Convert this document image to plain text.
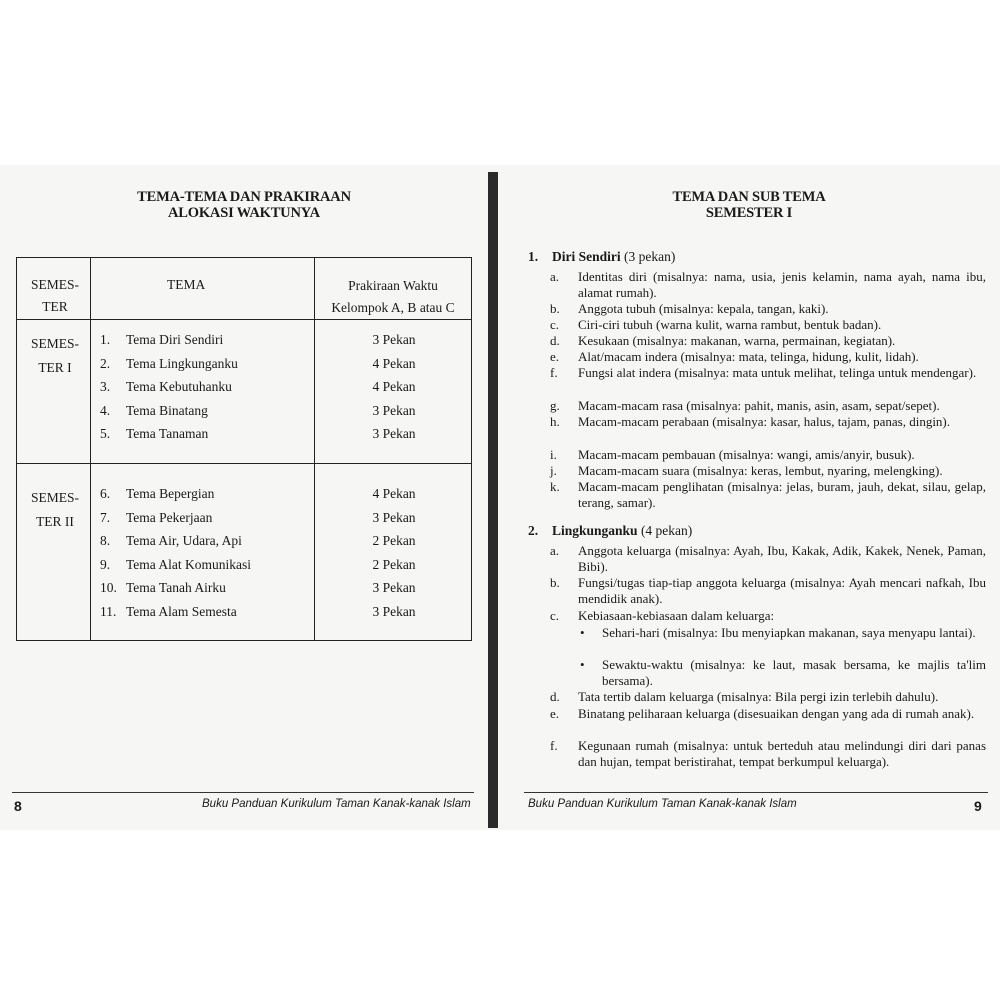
TEMA-TEMA DAN PRAKIRAAN
ALOKASI WAKTUNYA
SEMES-
TER
TEMA	Prakiraan Waktu
Kelompok A, B atau C
SEMES-
TER I
1.	Tema Diri Sendiri	3 Pekan
2.	Tema Lingkunganku	4 Pekan
3.	Tema Kebutuhanku	4 Pekan
4.	Tema Binatang	3 Pekan
5.	Tema Tanaman	3 Pekan
SEMES-
TER II
6.	Tema Bepergian	4 Pekan
7.	Tema Pekerjaan	3 Pekan
8.	Tema Air, Udara, Api	2 Pekan
9.	Tema Alat Komunikasi	2 Pekan
10. Tema Tanah Airku	3 Pekan
11. Tema Alam Semesta	3 Pekan
8	Buku Panduan Kurikulum Taman Kanak-kanak Islam
TEMA DAN SUB TEMA
SEMESTER I
1. Diri Sendiri (3 pekan)
a.	Identitas diri (misalnya: nama, usia, jenis kelamin, nama ayah, nama ibu, alamat rumah).
b.	Anggota tubuh (misalnya: kepala, tangan, kaki).
c.	Ciri-ciri tubuh (warna kulit, warna rambut, bentuk badan).
d.	Kesukaan (misalnya: makanan, warna, permainan, kegiatan).
e.	Alat/macam indera (misalnya: mata, telinga, hidung, kulit, lidah).
f.	Fungsi alat indera (misalnya: mata untuk melihat, telinga untuk mendengar).
g.	Macam-macam rasa (misalnya: pahit, manis, asin, asam, sepat/sepet).
h.	Macam-macam perabaan (misalnya: kasar, halus, tajam, panas, dingin).
i.	Macam-macam pembauan (misalnya: wangi, amis/anyir, busuk).
j.	Macam-macam suara (misalnya: keras, lembut, nyaring, melengking).
k.	Macam-macam penglihatan (misalnya: jelas, buram, jauh, dekat, silau, gelap, terang, samar).
2. Lingkunganku (4 pekan)
a.	Anggota keluarga (misalnya: Ayah, Ibu, Kakak, Adik, Kakek, Nenek, Paman, Bibi).
b.	Fungsi/tugas tiap-tiap anggota keluarga (misalnya: Ayah mencari nafkah, Ibu mendidik anak).
c.	Kebiasaan-kebiasaan dalam keluarga:
• Sehari-hari (misalnya: Ibu menyiapkan makanan, saya menyapu lantai).
• Sewaktu-waktu (misalnya: ke laut, masak bersama, ke majlis ta'lim bersama).
d.	Tata tertib dalam keluarga (misalnya: Bila pergi izin terlebih dahulu).
e.	Binatang peliharaan keluarga (disesuaikan dengan yang ada di rumah anak).
f.	Kegunaan rumah (misalnya: untuk berteduh atau melindungi diri dari panas dan hujan, tempat beristirahat, tempat berkumpul keluarga).
Buku Panduan Kurikulum Taman Kanak-kanak Islam	9
